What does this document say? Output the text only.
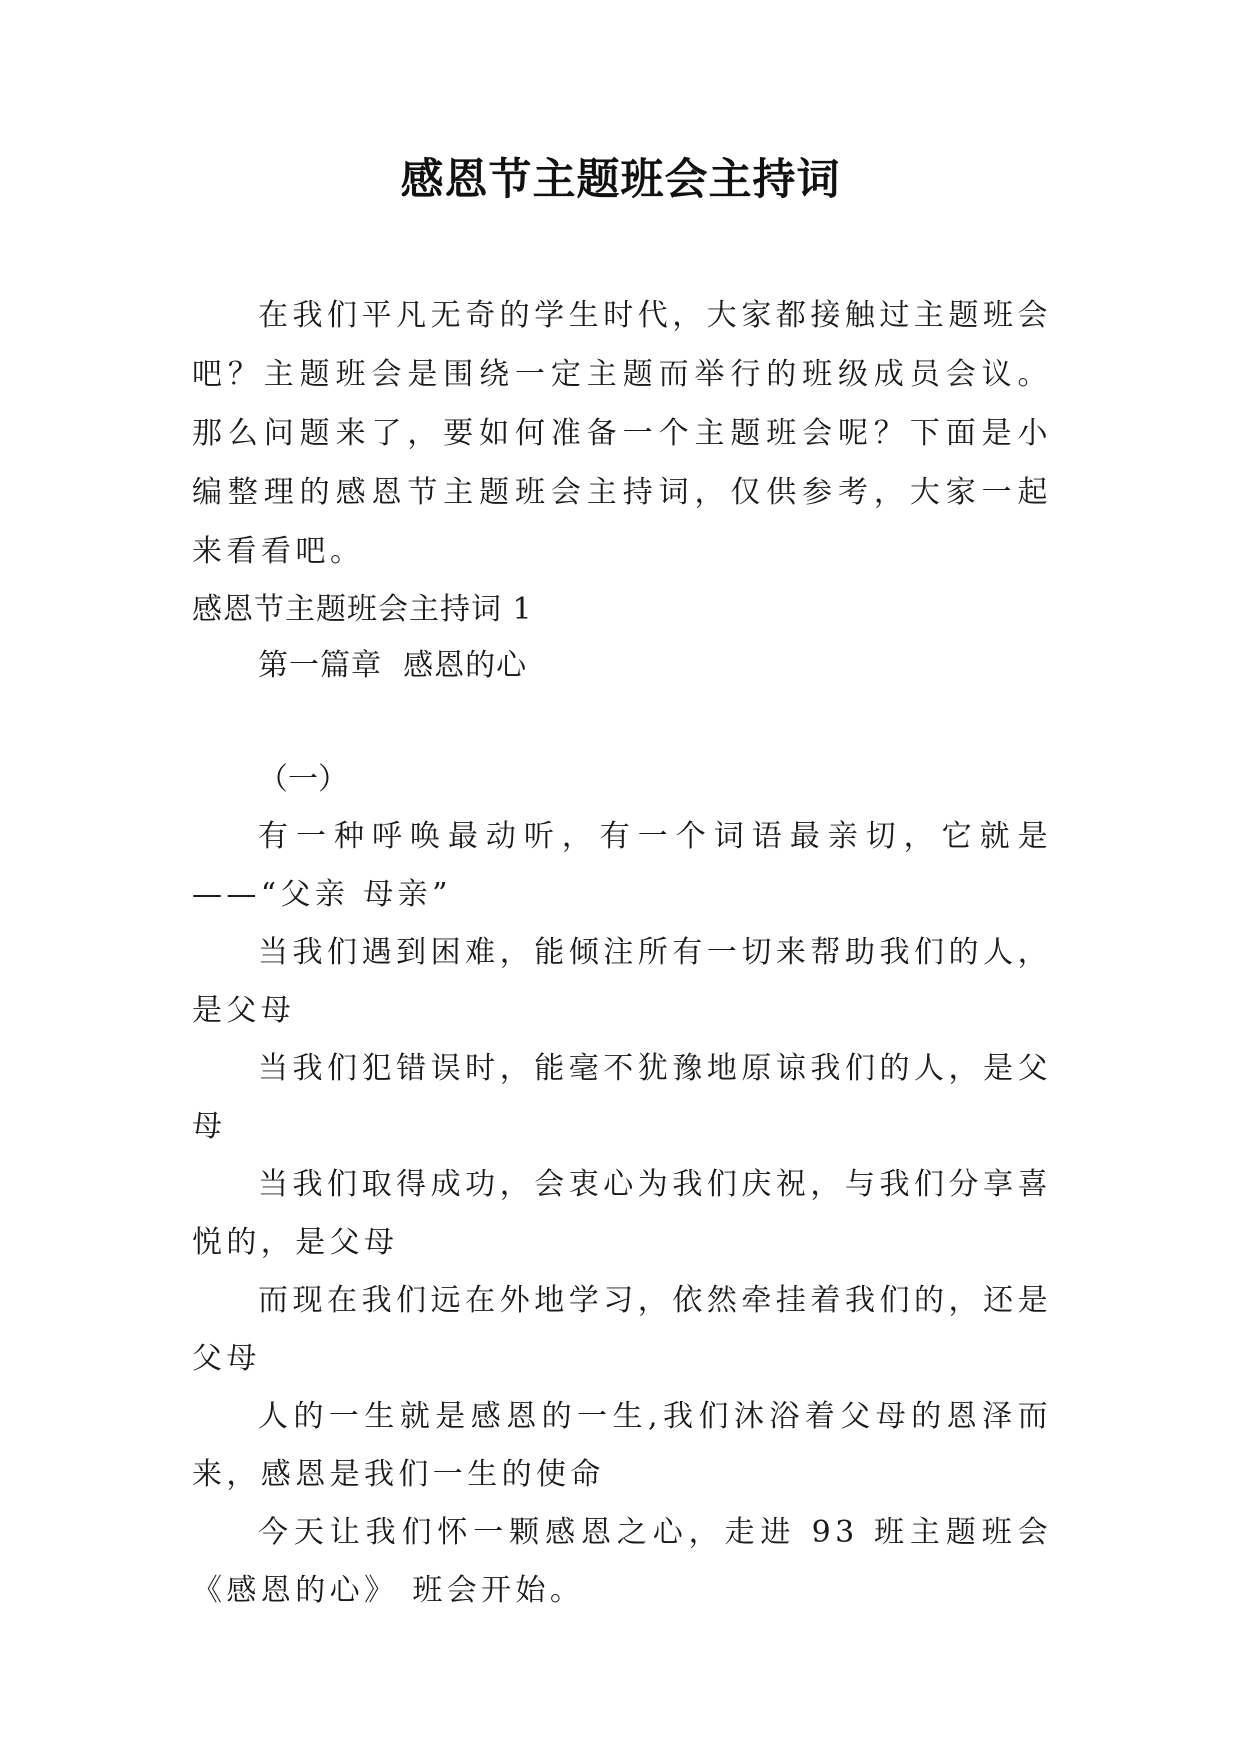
感恩节主题班会主持词

在我们平凡无奇的学生时代，大家都接触过主题班会吧？主题班会是围绕一定主题而举行的班级成员会议。那么问题来了，要如何准备一个主题班会呢？下面是小编整理的感恩节主题班会主持词，仅供参考，大家一起来看看吧。

感恩节主题班会主持词 1
第一篇章  感恩的心
（一）

有一种呼唤最动听，有一个词语最亲切，它就是——“父亲 母亲”

当我们遇到困难，能倾注所有一切来帮助我们的人，是父母

当我们犯错误时，能毫不犹豫地原谅我们的人，是父母

当我们取得成功，会衷心为我们庆祝，与我们分享喜悦的，是父母

而现在我们远在外地学习，依然牵挂着我们的，还是父母

人的一生就是感恩的一生,我们沐浴着父母的恩泽而来，感恩是我们一生的使命

今天让我们怀一颗感恩之心，走进 93 班主题班会《感恩的心》 班会开始。
